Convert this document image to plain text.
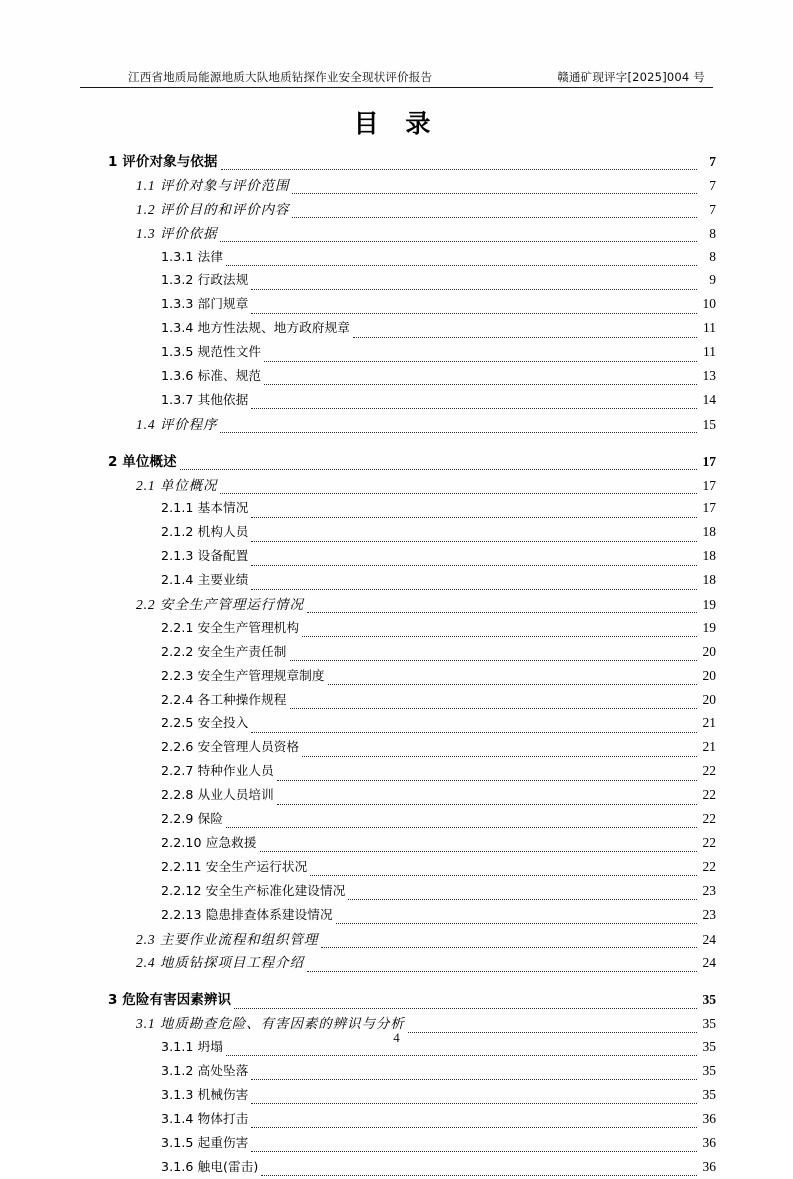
江西省地质局能源地质大队地质钻探作业安全现状评价报告	赣通矿现评字[2025]004 号
目 录
1 评价对象与依据	7
1.1 评价对象与评价范围	7
1.2 评价目的和评价内容	7
1.3 评价依据	8
1.3.1 法律	8
1.3.2 行政法规	9
1.3.3 部门规章	10
1.3.4 地方性法规、地方政府规章	11
1.3.5 规范性文件	11
1.3.6 标准、规范	13
1.3.7 其他依据	14
1.4 评价程序	15
2 单位概述	17
2.1 单位概况	17
2.1.1 基本情况	17
2.1.2 机构人员	18
2.1.3 设备配置	18
2.1.4 主要业绩	18
2.2 安全生产管理运行情况	19
2.2.1 安全生产管理机构	19
2.2.2 安全生产责任制	20
2.2.3 安全生产管理规章制度	20
2.2.4 各工种操作规程	20
2.2.5 安全投入	21
2.2.6 安全管理人员资格	21
2.2.7 特种作业人员	22
2.2.8 从业人员培训	22
2.2.9 保险	22
2.2.10 应急救援	22
2.2.11 安全生产运行状况	22
2.2.12 安全生产标准化建设情况	23
2.2.13 隐患排查体系建设情况	23
2.3 主要作业流程和组织管理	24
2.4 地质钻探项目工程介绍	24
3 危险有害因素辨识	35
3.1 地质勘查危险、有害因素的辨识与分析	35
3.1.1 坍塌	35
3.1.2 高处坠落	35
3.1.3 机械伤害	35
3.1.4 物体打击	36
3.1.5 起重伤害	36
3.1.6 触电(雷击)	36
4
